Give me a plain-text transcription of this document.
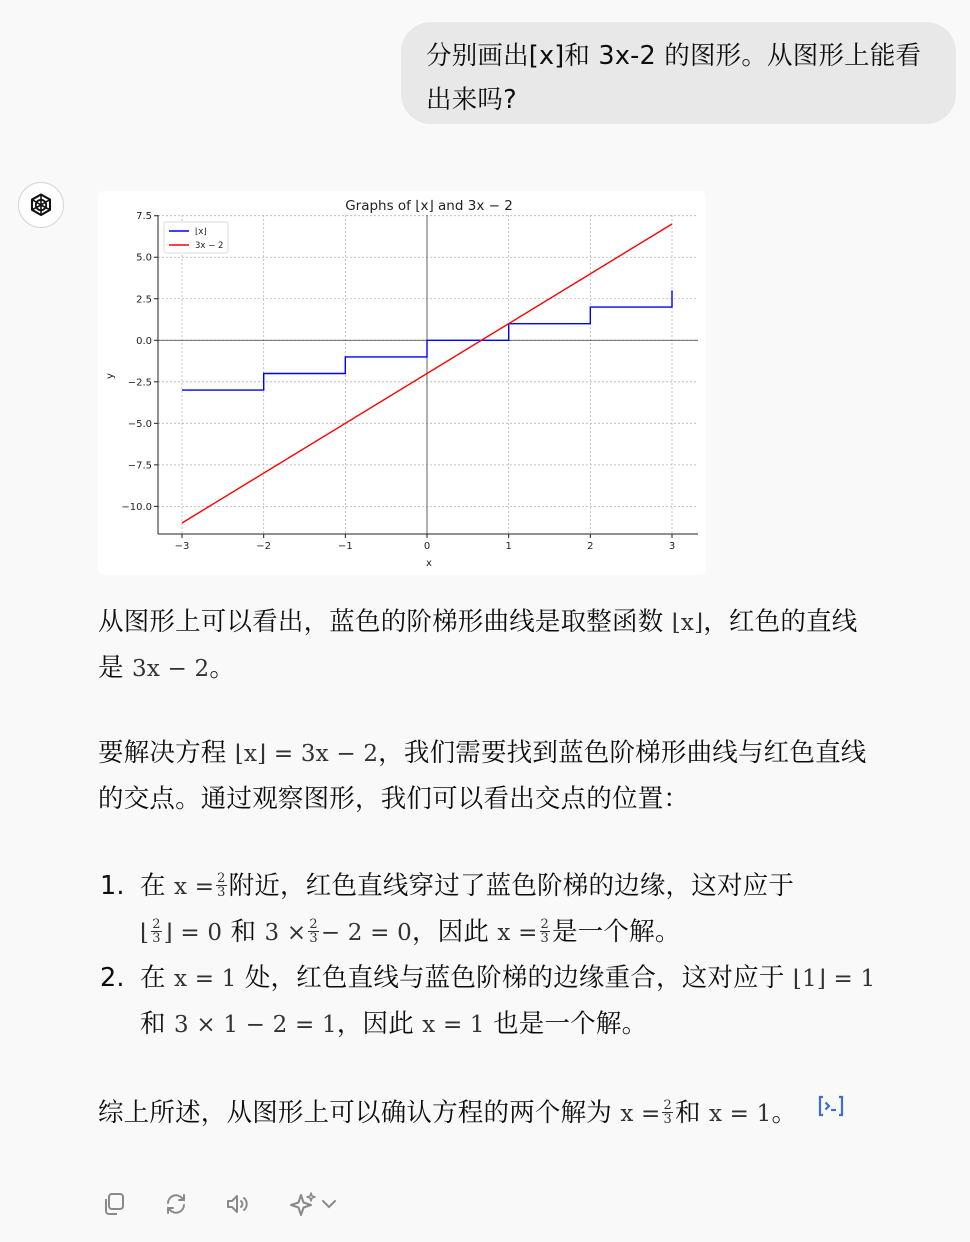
分别画出[x]和 3x-2 的图形。从图形上能看出来吗?
−3	−2	−1	0	1	2	3
−10.0
−7.5
−5.0
−2.5
0.0
2.5
5.0
7.5
Graphs of ⌊x⌋ and 3x − 2
x
y
⌊x⌋
3x − 2

从图形上可以看出，蓝色的阶梯形曲线是取整函数 ⌊x⌋，红色的直线是 3x − 2。

要解决方程 ⌊x⌋ = 3x − 2，我们需要找到蓝色阶梯形曲线与红色直线的交点。通过观察图形，我们可以看出交点的位置：

1. 在 $x = \frac{2}{3}$ 附近，红色直线穿过了蓝色阶梯的边缘，这对应于 ⌊ $\frac{2}{3}$ ⌋ = 0 和 $3 \times \frac{2}{3} - 2 = 0$，因此 $x = \frac{2}{3}$ 是一个解。
2. 在 x = 1 处，红色直线与蓝色阶梯的边缘重合，这对应于 ⌊1⌋ = 1 和 3 × 1 − 2 = 1，因此 x = 1 也是一个解。

综上所述，从图形上可以确认方程的两个解为 $x = \frac{2}{3}$ 和 x = 1。
